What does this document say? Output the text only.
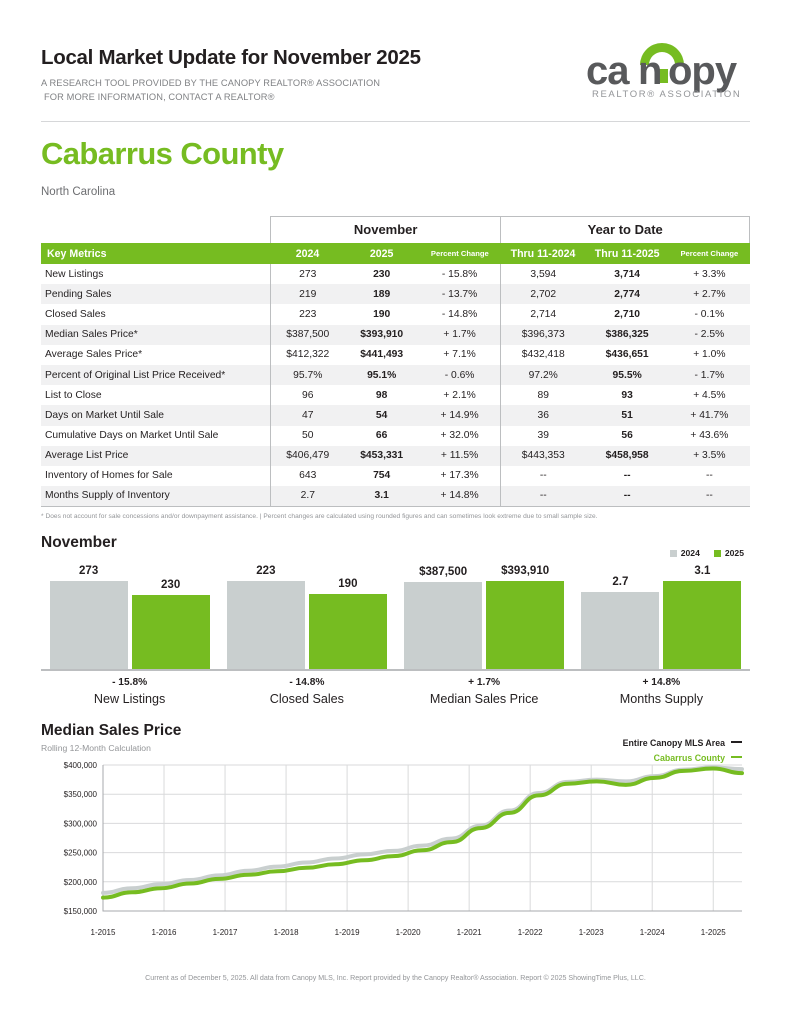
Local Market Update for November 2025
A RESEARCH TOOL PROVIDED BY THE CANOPY REALTOR® ASSOCIATION
FOR MORE INFORMATION, CONTACT A REALTOR®
ca n opy
REALTOR® ASSOCIATION
Cabarrus County
North Carolina
	November			Year to Date		
Key Metrics	2024	2025	Percent Change	Thru 11-2024	Thru 11-2025	Percent Change
New Listings	273	230	- 15.8%	3,594	3,714	+ 3.3%
Pending Sales	219	189	- 13.7%	2,702	2,774	+ 2.7%
Closed Sales	223	190	- 14.8%	2,714	2,710	- 0.1%
Median Sales Price*	$387,500	$393,910	+ 1.7%	$396,373	$386,325	- 2.5%
Average Sales Price*	$412,322	$441,493	+ 7.1%	$432,418	$436,651	+ 1.0%
Percent of Original List Price Received*	95.7%	95.1%	- 0.6%	97.2%	95.5%	- 1.7%
List to Close	96	98	+ 2.1%	89	93	+ 4.5%
Days on Market Until Sale	47	54	+ 14.9%	36	51	+ 41.7%
Cumulative Days on Market Until Sale	50	66	+ 32.0%	39	56	+ 43.6%
Average List Price	$406,479	$453,331	+ 11.5%	$443,353	$458,958	+ 3.5%
Inventory of Homes for Sale	643	754	+ 17.3%	--	--	--
Months Supply of Inventory	2.7	3.1	+ 14.8%	--	--	--
* Does not account for sale concessions and/or downpayment assistance. | Percent changes are calculated using rounded figures and can sometimes look extreme due to small sample size.
November
2024	2025
273
230
223
190
$387,500	$393,910
2.7
3.1
- 15.8%
New Listings
- 14.8%
Closed Sales
+ 1.7%
Median Sales Price
+ 14.8%
Months Supply
Median Sales Price
Rolling 12-Month Calculation	Entire Canopy MLS Area
Cabarrus County
$150,000
$200,000
$250,000
$300,000
$350,000
$400,000
1-2015	1-2016	1-2017	1-2018	1-2019	1-2020	1-2021	1-2022	1-2023	1-2024	1-2025
Current as of December 5, 2025. All data from Canopy MLS, Inc. Report provided by the Canopy Realtor® Association. Report © 2025 ShowingTime Plus, LLC.
